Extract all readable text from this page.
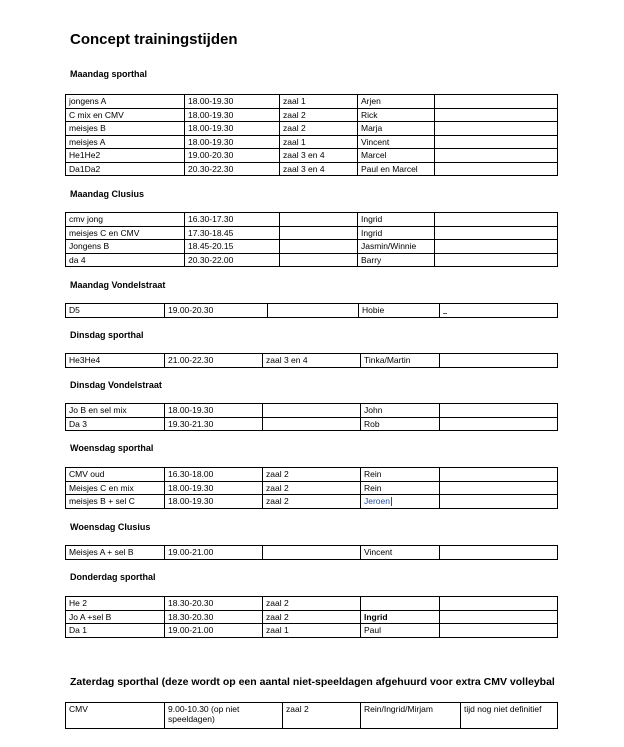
Concept trainingstijden
Maandag sporthal
jongens A	18.00-19.30	zaal 1	Arjen	
C mix en CMV	18.00-19.30	zaal 2	Rick	
meisjes B	18.00-19.30	zaal 2	Marja	
meisjes A	18.00-19.30	zaal 1	Vincent	
He1He2	19.00-20.30	zaal 3 en 4	Marcel	
Da1Da2	20.30-22.30	zaal 3 en 4	Paul en Marcel	
Maandag Clusius
cmv jong	16.30-17.30		Ingrid	
meisjes C en CMV	17.30-18.45		Ingrid	
Jongens B	18.45-20.15		Jasmin/Winnie	
da 4	20.30-22.00		Barry	
Maandag Vondelstraat
D5	19.00-20.30		Hobie	
Dinsdag sporthal
He3He4	21.00-22.30	zaal 3 en 4	Tinka/Martin	
Dinsdag Vondelstraat
Jo B en sel mix	18.00-19.30		John	
Da 3	19.30-21.30		Rob	
Woensdag sporthal
CMV oud	16.30-18.00	zaal 2	Rein	
Meisjes C en mix	18.00-19.30	zaal 2	Rein	
meisjes B + sel C	18.00-19.30	zaal 2	Jeroen	
Woensdag Clusius
Meisjes A + sel B	19.00-21.00		Vincent	
Donderdag sporthal
He 2	18.30-20.30	zaal 2		
Jo A +sel B	18.30-20.30	zaal 2	Ingrid	
Da 1	19.00-21.00	zaal 1	Paul	
Zaterdag sporthal (deze wordt op een aantal niet-speeldagen afgehuurd voor extra CMV volleybal
CMV	9.00-10.30 (op niet speeldagen)	zaal 2	Rein/Ingrid/Mirjam	tijd nog niet definitief
